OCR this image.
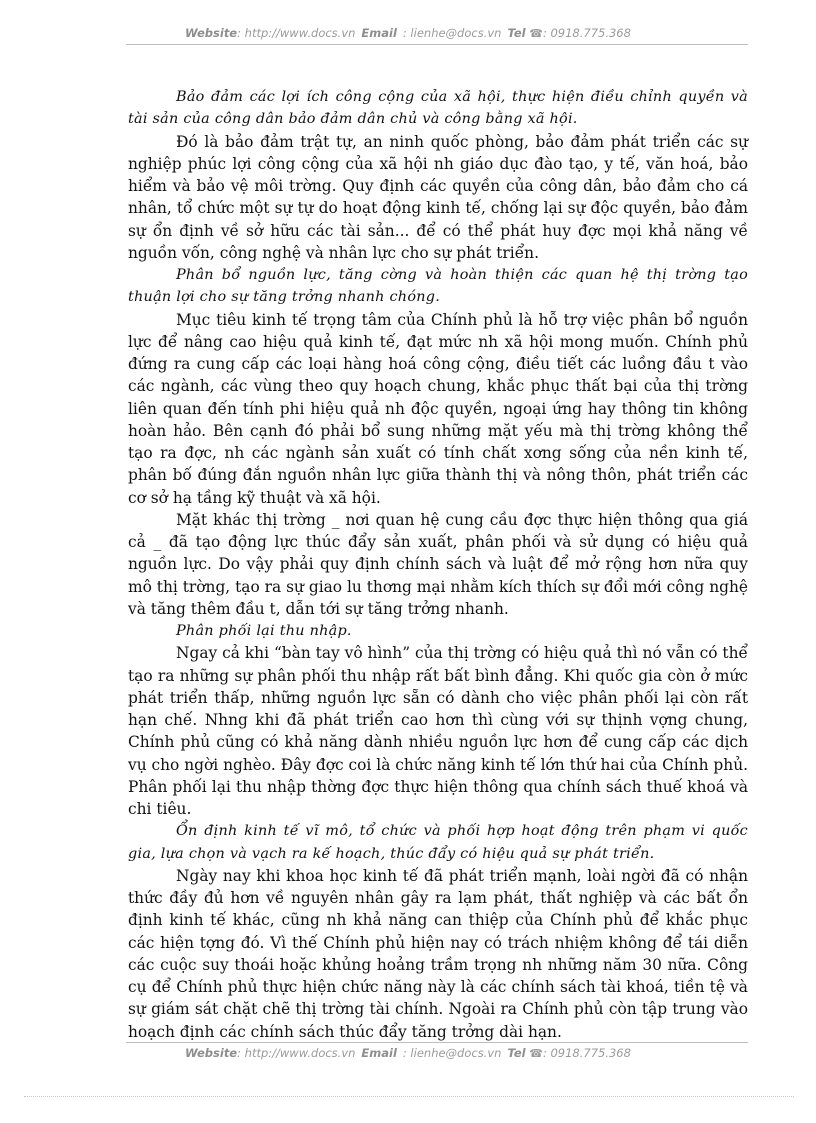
Website: http://www.docs.vn Email : lienhe@docs.vn Tel ☎: 0918.775.368

Bảo đảm các lợi ích công cộng của xã hội, thực hiện điều chỉnh quyền và tài sản của công dân bảo đảm dân chủ và công bằng xã hội.

Đó là bảo đảm trật tự, an ninh quốc phòng, bảo đảm phát triển các sự nghiệp phúc lợi công cộng của xã hội nh giáo dục đào tạo, y tế, văn hoá, bảo hiểm và bảo vệ môi trờng. Quy định các quyền của công dân, bảo đảm cho cá nhân, tổ chức một sự tự do hoạt động kinh tế, chống lại sự độc quyền, bảo đảm sự ổn định về sở hữu các tài sản... để có thể phát huy đợc mọi khả năng về nguồn vốn, công nghệ và nhân lực cho sự phát triển.

Phân bổ nguồn lực, tăng cờng và hoàn thiện các quan hệ thị trờng tạo thuận lợi cho sự tăng trởng nhanh chóng.

Mục tiêu kinh tế trọng tâm của Chính phủ là hỗ trợ việc phân bổ nguồn lực để nâng cao hiệu quả kinh tế, đạt mức nh xã hội mong muốn. Chính phủ đứng ra cung cấp các loại hàng hoá công cộng, điều tiết các luồng đầu t vào các ngành, các vùng theo quy hoạch chung, khắc phục thất bại của thị trờng liên quan đến tính phi hiệu quả nh độc quyền, ngoại ứng hay thông tin không hoàn hảo. Bên cạnh đó phải bổ sung những mặt yếu mà thị trờng không thể tạo ra đợc, nh các ngành sản xuất có tính chất xơng sống của nền kinh tế, phân bố đúng đắn nguồn nhân lực giữa thành thị và nông thôn, phát triển các cơ sở hạ tầng kỹ thuật và xã hội.

Mặt khác thị trờng _ nơi quan hệ cung cầu đợc thực hiện thông qua giá cả _ đã tạo động lực thúc đẩy sản xuất, phân phối và sử dụng có hiệu quả nguồn lực. Do vậy phải quy định chính sách và luật để mở rộng hơn nữa quy mô thị trờng, tạo ra sự giao lu thơng mại nhằm kích thích sự đổi mới công nghệ và tăng thêm đầu t, dẫn tới sự tăng trởng nhanh.

Phân phối lại thu nhập.

Ngay cả khi “bàn tay vô hình” của thị trờng có hiệu quả thì nó vẫn có thể tạo ra những sự phân phối thu nhập rất bất bình đẳng. Khi quốc gia còn ở mức phát triển thấp, những nguồn lực sẵn có dành cho việc phân phối lại còn rất hạn chế. Nhng khi đã phát triển cao hơn thì cùng với sự thịnh vợng chung, Chính phủ cũng có khả năng dành nhiều nguồn lực hơn để cung cấp các dịch vụ cho ngời nghèo. Đây đợc coi là chức năng kinh tế lớn thứ hai của Chính phủ. Phân phối lại thu nhập thờng đợc thực hiện thông qua chính sách thuế khoá và chi tiêu.

Ổn định kinh tế vĩ mô, tổ chức và phối hợp hoạt động trên phạm vi quốc gia, lựa chọn và vạch ra kế hoạch, thúc đẩy có hiệu quả sự phát triển.

Ngày nay khi khoa học kinh tế đã phát triển mạnh, loài ngời đã có nhận thức đầy đủ hơn về nguyên nhân gây ra lạm phát, thất nghiệp và các bất ổn định kinh tế khác, cũng nh khả năng can thiệp của Chính phủ để khắc phục các hiện tợng đó. Vì thế Chính phủ hiện nay có trách nhiệm không để tái diễn các cuộc suy thoái hoặc khủng hoảng trầm trọng nh những năm 30 nữa. Công cụ để Chính phủ thực hiện chức năng này là các chính sách tài khoá, tiền tệ và sự giám sát chặt chẽ thị trờng tài chính. Ngoài ra Chính phủ còn tập trung vào hoạch định các chính sách thúc đẩy tăng trởng dài hạn.

Website: http://www.docs.vn Email : lienhe@docs.vn Tel ☎: 0918.775.368
